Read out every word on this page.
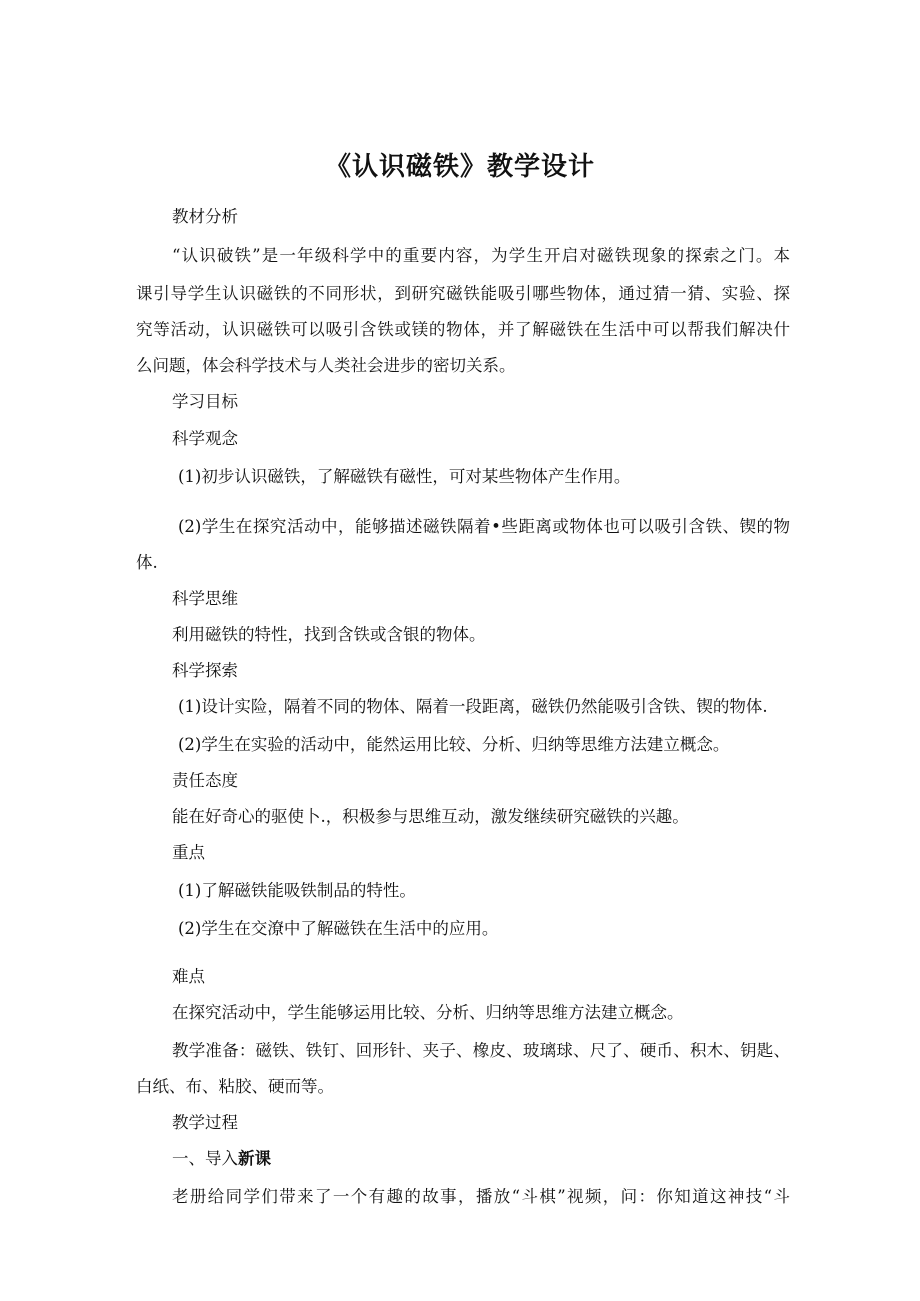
《认识磁铁》教学设计
教材分析
“认识破铁”是一年级科学中的重要内容，为学生开启对磁铁现象的探索之门。本
课引导学生认识磁铁的不同形状，到研究磁铁能吸引哪些物体，通过猜一猜、实验、探
究等活动，认识磁铁可以吸引含铁或镁的物体，并了解磁铁在生活中可以帮我们解决什
么问题，体会科学技术与人类社会进步的密切关系。
学习目标
科学观念
(1)初步认识磁铁，了解磁铁有磁性，可对某些物体产生作用。
(2)学生在探究活动中，能够描述磁铁隔着•些距离或物体也可以吸引含铁、锲的物
体.
科学思维
利用磁铁的特性，找到含铁或含银的物体。
科学探索
(1)设计实险，隔着不同的物体、隔着一段距离，磁铁仍然能吸引含铁、锲的物体.
(2)学生在实验的活动中，能然运用比较、分析、归纳等思维方法建立概念。
责任态度
能在好奇心的驱使卜.，积极参与思维互动，激发继续研究磁铁的兴趣。
重点
(1)了解磁铁能吸铁制品的特性。
(2)学生在交潦中了解磁铁在生活中的应用。
难点
在探究活动中，学生能够运用比较、分析、归纳等思维方法建立概念。
教学准备：磁铁、铁钉、回形针、夹子、橡皮、玻璃球、尺了、硬币、积木、钥匙、
白纸、布、粘胶、硬而等。
教学过程
一、导入新课
老册给同学们带来了一个有趣的故事，播放“斗棋”视频，问：你知道这神技“斗
